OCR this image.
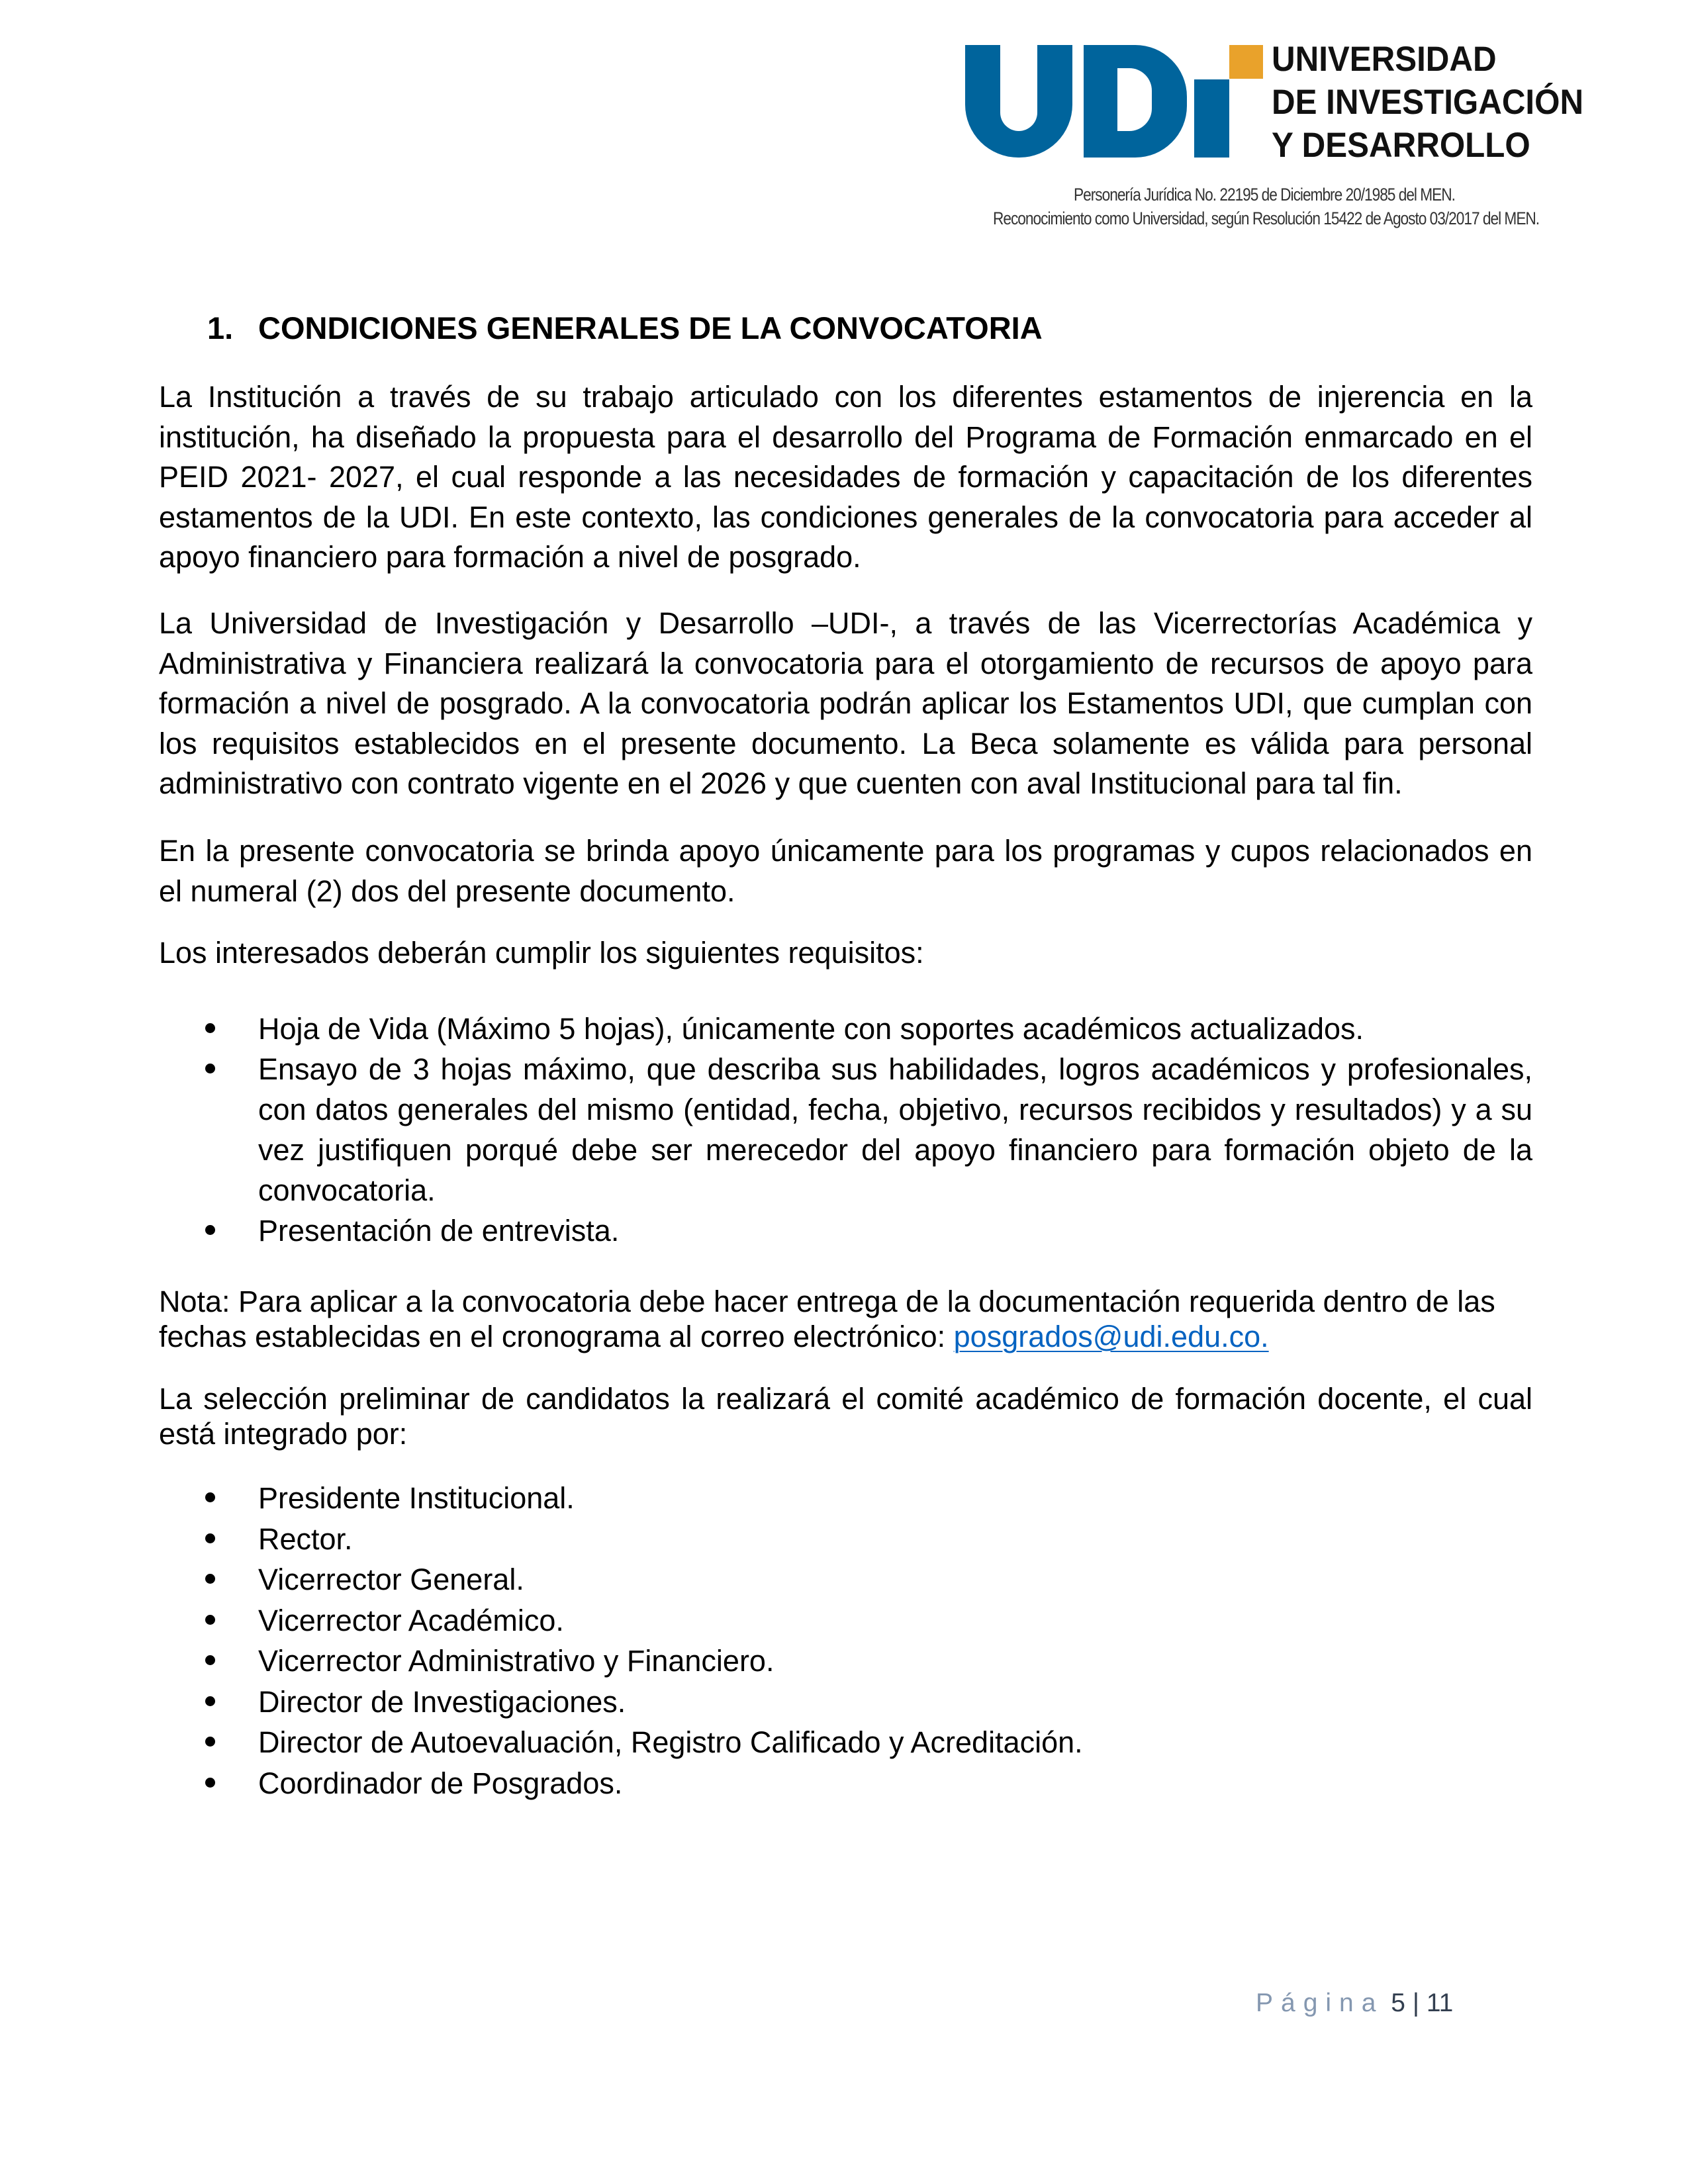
UNIVERSIDAD
DE INVESTIGACIÓN
Y DESARROLLO
Personería Jurídica No. 22195 de Diciembre 20/1985 del MEN.
Reconocimiento como Universidad, según Resolución 15422 de Agosto 03/2017 del MEN.
1. CONDICIONES GENERALES DE LA CONVOCATORIA
La Institución a través de su trabajo articulado con los diferentes estamentos de injerencia en la
institución, ha diseñado la propuesta para el desarrollo del Programa de Formación enmarcado en el
PEID 2021- 2027, el cual responde a las necesidades de formación y capacitación de los diferentes
estamentos de la UDI. En este contexto, las condiciones generales de la convocatoria para acceder al
apoyo financiero para formación a nivel de posgrado.
La Universidad de Investigación y Desarrollo –UDI-, a través de las Vicerrectorías Académica y
Administrativa y Financiera realizará la convocatoria para el otorgamiento de recursos de apoyo para
formación a nivel de posgrado. A la convocatoria podrán aplicar los Estamentos UDI, que cumplan con
los requisitos establecidos en el presente documento. La Beca solamente es válida para personal
administrativo con contrato vigente en el 2026 y que cuenten con aval Institucional para tal fin.
En la presente convocatoria se brinda apoyo únicamente para los programas y cupos relacionados en
el numeral (2) dos del presente documento.
Los interesados deberán cumplir los siguientes requisitos:
Hoja de Vida (Máximo 5 hojas), únicamente con soportes académicos actualizados.
Ensayo de 3 hojas máximo, que describa sus habilidades, logros académicos y profesionales,
con datos generales del mismo (entidad, fecha, objetivo, recursos recibidos y resultados) y a su
vez justifiquen porqué debe ser merecedor del apoyo financiero para formación objeto de la
convocatoria.
Presentación de entrevista.
Nota: Para aplicar a la convocatoria debe hacer entrega de la documentación requerida dentro de las
fechas establecidas en el cronograma al correo electrónico: posgrados@udi.edu.co.
La selección preliminar de candidatos la realizará el comité académico de formación docente, el cual
está integrado por:
Presidente Institucional.
Rector.
Vicerrector General.
Vicerrector Académico.
Vicerrector Administrativo y Financiero.
Director de Investigaciones.
Director de Autoevaluación, Registro Calificado y Acreditación.
Coordinador de Posgrados.
Página 5 | 11
